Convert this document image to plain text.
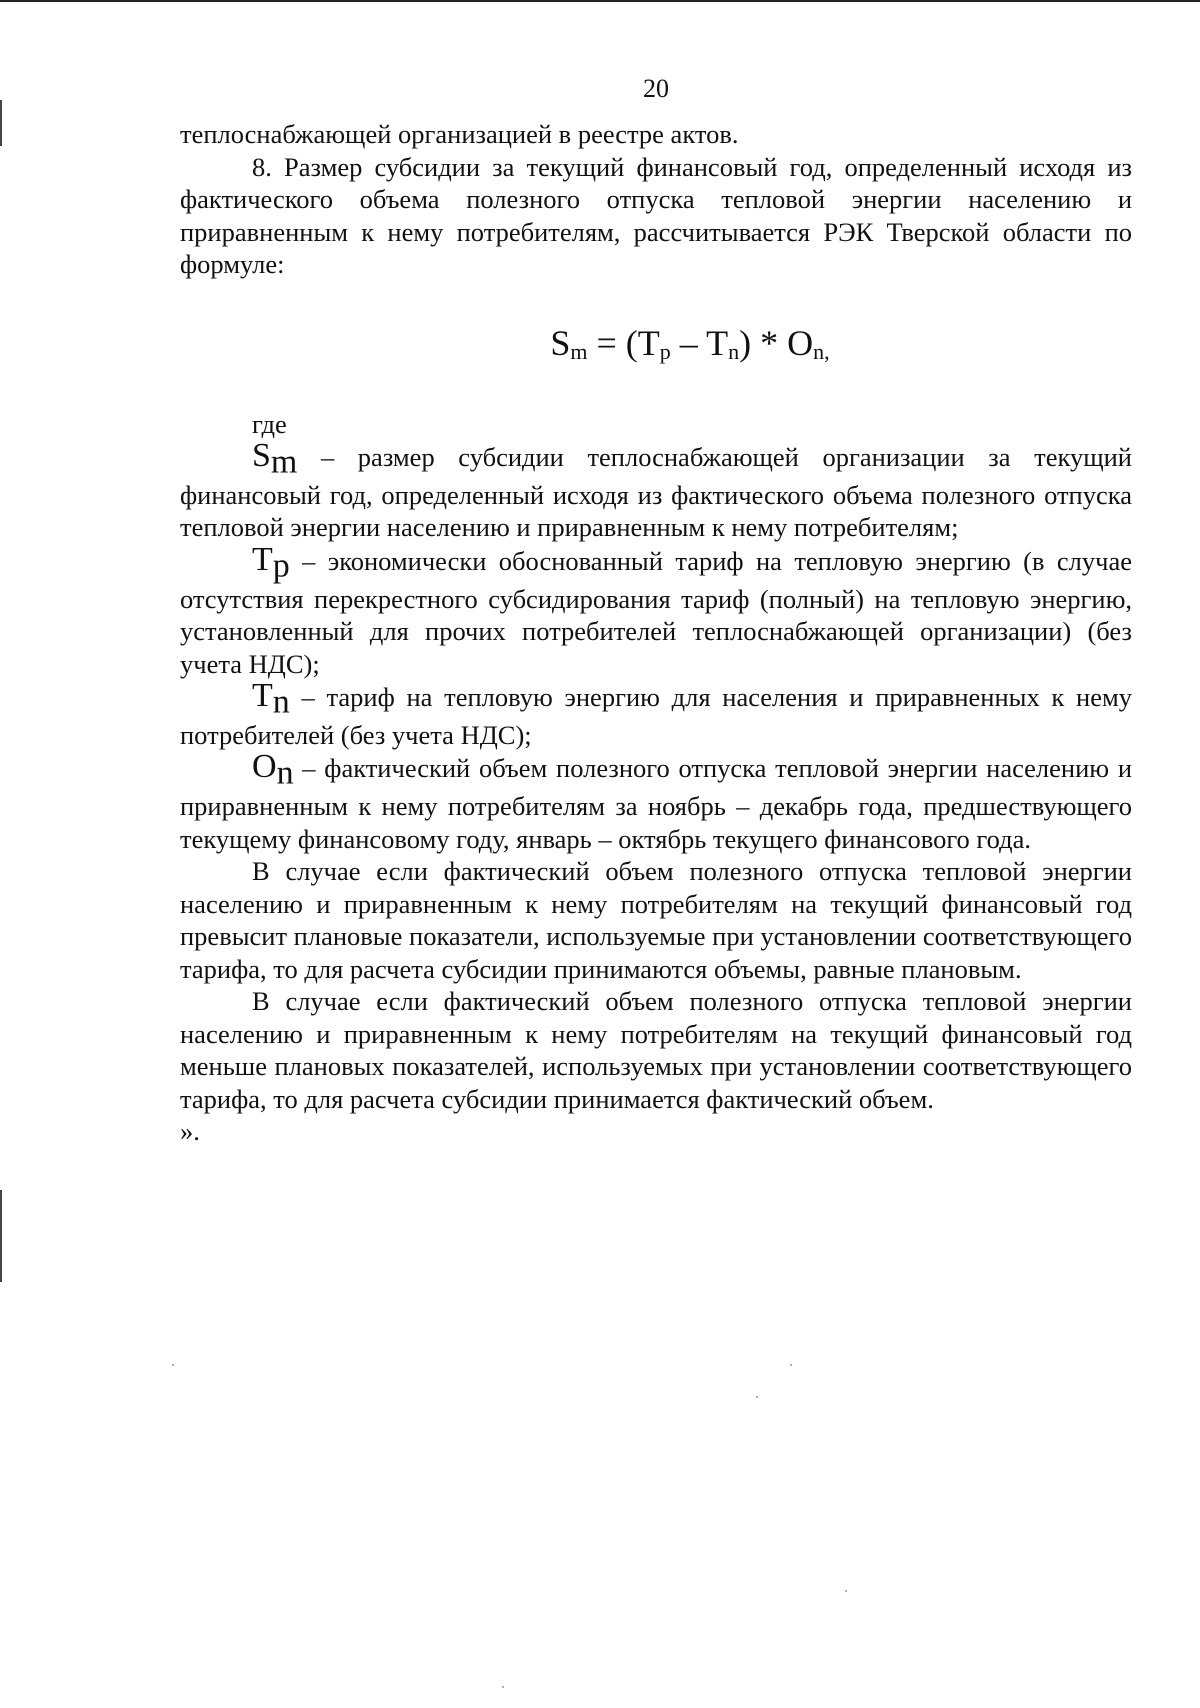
20

теплоснабжающей организацией в реестре актов.

8. Размер субсидии за текущий финансовый год, определенный исходя из фактического объема полезного отпуска тепловой энергии населению и приравненным к нему потребителям, рассчитывается РЭК Тверской области по формуле:

$S_m = (T_p - T_n) * O_{n,}$

где

$S_m$ – размер субсидии теплоснабжающей организации за текущий финансовый год, определенный исходя из фактического объема полезного отпуска тепловой энергии населению и приравненным к нему потребителям;

$T_p$ – экономически обоснованный тариф на тепловую энергию (в случае отсутствия перекрестного субсидирования тариф (полный) на тепловую энергию, установленный для прочих потребителей теплоснабжающей организации) (без учета НДС);

$T_n$ – тариф на тепловую энергию для населения и приравненных к нему потребителей (без учета НДС);

$O_n$ – фактический объем полезного отпуска тепловой энергии населению и приравненным к нему потребителям за ноябрь – декабрь года, предшествующего текущему финансовому году, январь – октябрь текущего финансового года.

В случае если фактический объем полезного отпуска тепловой энергии населению и приравненным к нему потребителям на текущий финансовый год превысит плановые показатели, используемые при установлении соответствующего тарифа, то для расчета субсидии принимаются объемы, равные плановым.

В случае если фактический объем полезного отпуска тепловой энергии населению и приравненным к нему потребителям на текущий финансовый год меньше плановых показателей, используемых при установлении соответствующего тарифа, то для расчета субсидии принимается фактический объем.

».
